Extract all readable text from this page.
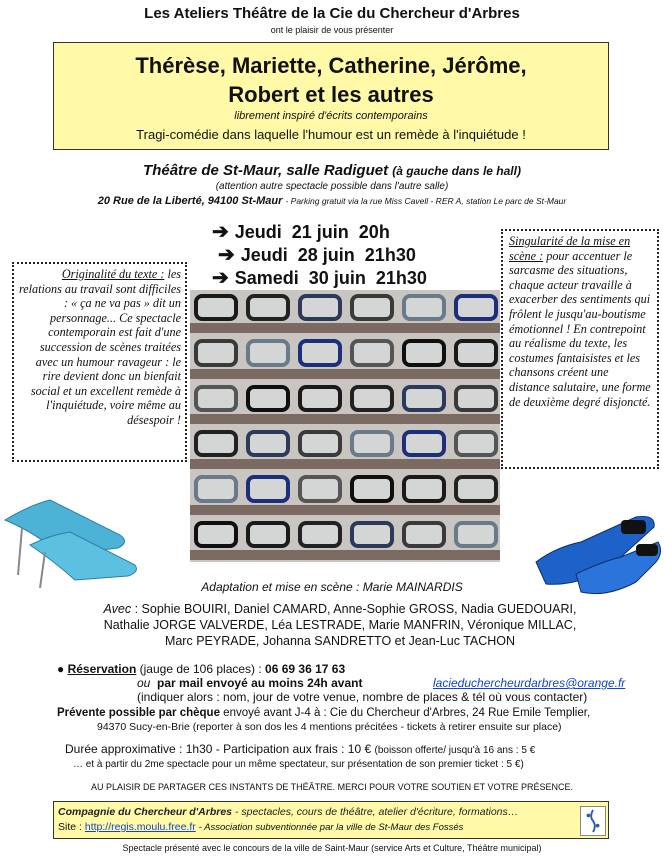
Les Ateliers Théâtre de la Cie du Chercheur d'Arbres
ont le plaisir de vous présenter
Thérèse, Mariette, Catherine, Jérôme,
Robert et les autres
librement inspiré d'écrits contemporains
Tragi-comédie dans laquelle l'humour est un remède à l'inquiétude !
Théâtre de St-Maur, salle Radiguet (à gauche dans le hall)
(attention autre spectacle possible dans l'autre salle)
20 Rue de la Liberté, 94100 St-Maur - Parking gratuit via la rue Miss Cavell - RER A, station Le parc de St-Maur
➔ Jeudi  21 juin  20h
➔ Jeudi  28 juin  21h30
➔ Samedi  30 juin  21h30
Originalité du texte : les relations au travail sont difficiles : « ça ne va pas » dit un personnage... Ce spectacle contemporain est fait d'une succession de scènes traitées avec un humour ravageur : le rire devient donc un bienfait social et un excellent remède à l'inquiétude, voire même au désespoir !
Singularité de la mise en scène : pour accentuer le sarcasme des situations, chaque acteur travaille à exacerber des sentiments qui frôlent le jusqu'au-boutisme émotionnel ! En contrepoint au réalisme du texte, les costumes fantaisistes et les chansons créent une distance salutaire, une forme de deuxième degré disjoncté.
Adaptation et mise en scène : Marie MAINARDIS
Avec : Sophie BOUIRI, Daniel CAMARD, Anne-Sophie GROSS, Nadia GUEDOUARI,
Nathalie JORGE VALVERDE, Léa LESTRADE, Marie MANFRIN, Véronique MILLAC,
Marc PEYRADE, Johanna SANDRETTO et Jean-Luc TACHON
● Réservation (jauge de 106 places) : 06 69 36 17 63
ou par mail envoyé au moins 24h avant	lacieduchercheurdarbres@orange.fr
(indiquer alors : nom, jour de votre venue, nombre de places & tél où vous contacter)
Prévente possible par chèque envoyé avant J-4 à : Cie du Chercheur d'Arbres, 24 Rue Emile Templier,
94370 Sucy-en-Brie (reporter à son dos les 4 mentions précitées - tickets à retirer ensuite sur place)
Durée approximative : 1h30 - Participation aux frais : 10 € (boisson offerte/ jusqu'à 16 ans : 5 €
… et à partir du 2me spectacle pour un même spectateur, sur présentation de son premier ticket : 5 €)
AU PLAISIR DE PARTAGER CES INSTANTS DE THÉÂTRE. MERCI POUR VOTRE SOUTIEN ET VOTRE PRÉSENCE.
Compagnie du Chercheur d'Arbres - spectacles, cours de théâtre, atelier d'écriture, formations…
Site : http://regis.moulu.free.fr - Association subventionnée par la ville de St-Maur des Fossés
Spectacle présenté avec le concours de la ville de Saint-Maur (service Arts et Culture, Théâtre municipal)
